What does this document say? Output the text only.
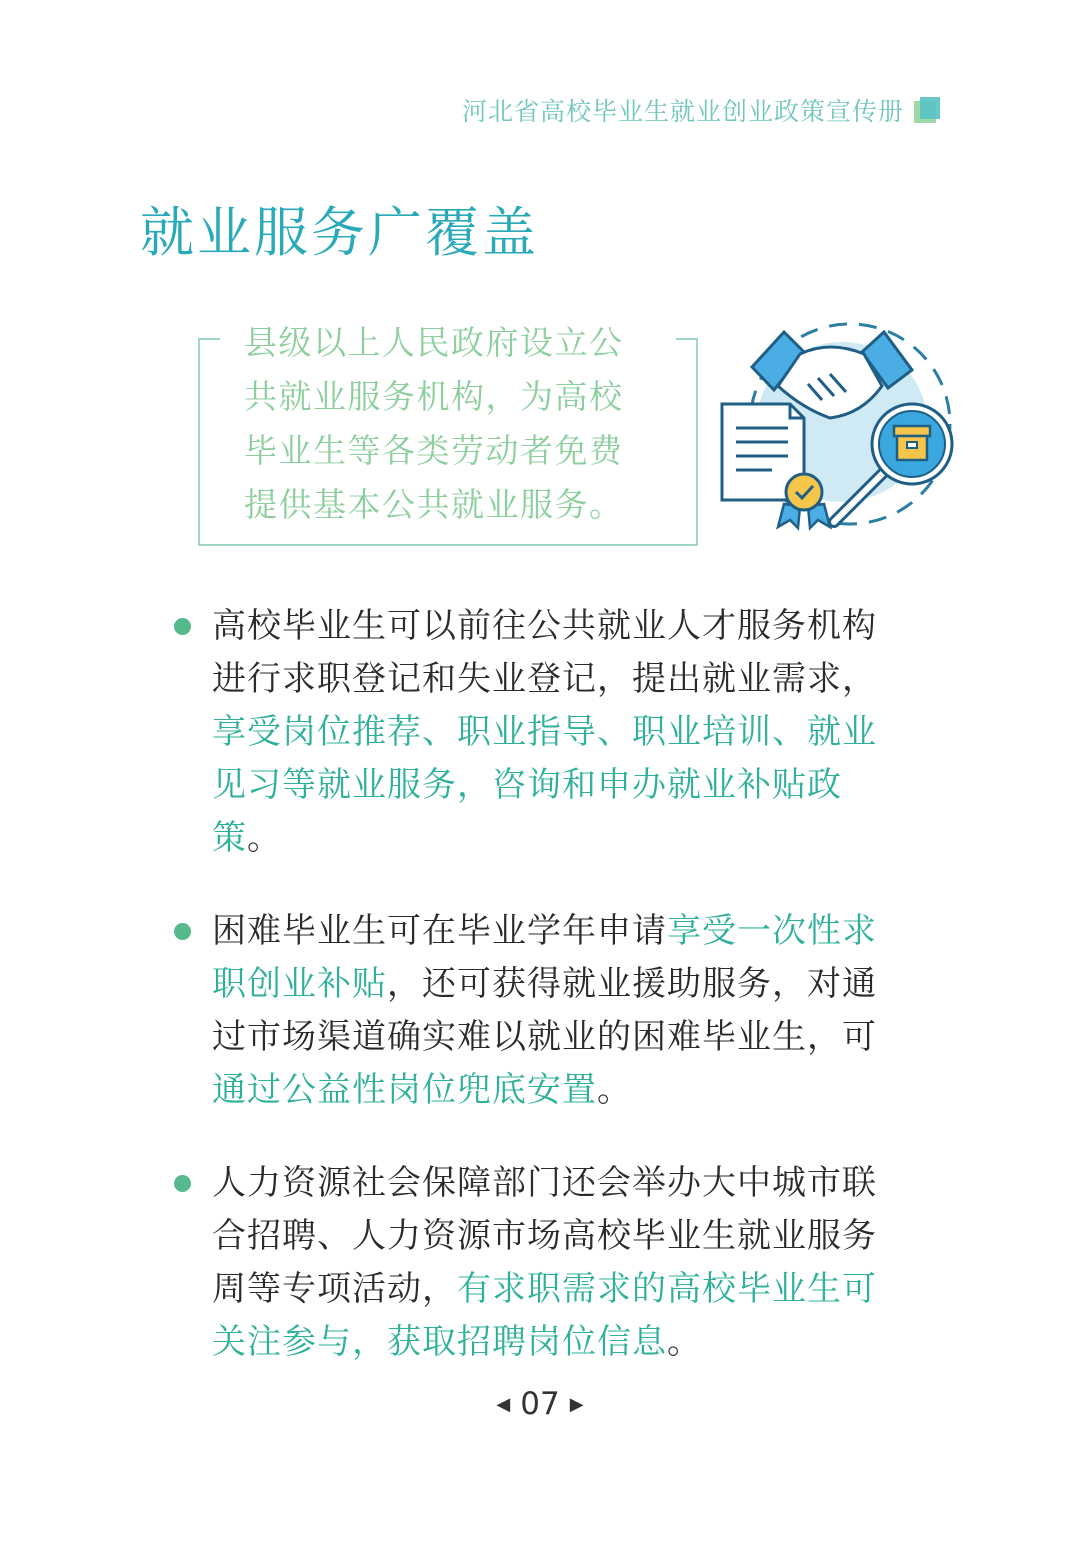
河北省高校毕业生就业创业政策宣传册
就业服务广覆盖
县级以上人民政府设立公
共就业服务机构，为高校
毕业生等各类劳动者免费
提供基本公共就业服务。
高校毕业生可以前往公共就业人才服务机构
进行求职登记和失业登记，提出就业需求，
享受岗位推荐、职业指导、职业培训、就业
见习等就业服务，咨询和申办就业补贴政
策。
困难毕业生可在毕业学年申请享受一次性求
职创业补贴，还可获得就业援助服务，对通
过市场渠道确实难以就业的困难毕业生，可
通过公益性岗位兜底安置。
人力资源社会保障部门还会举办大中城市联
合招聘、人力资源市场高校毕业生就业服务
周等专项活动，有求职需求的高校毕业生可
关注参与，获取招聘岗位信息。
◀ 07 ▶
